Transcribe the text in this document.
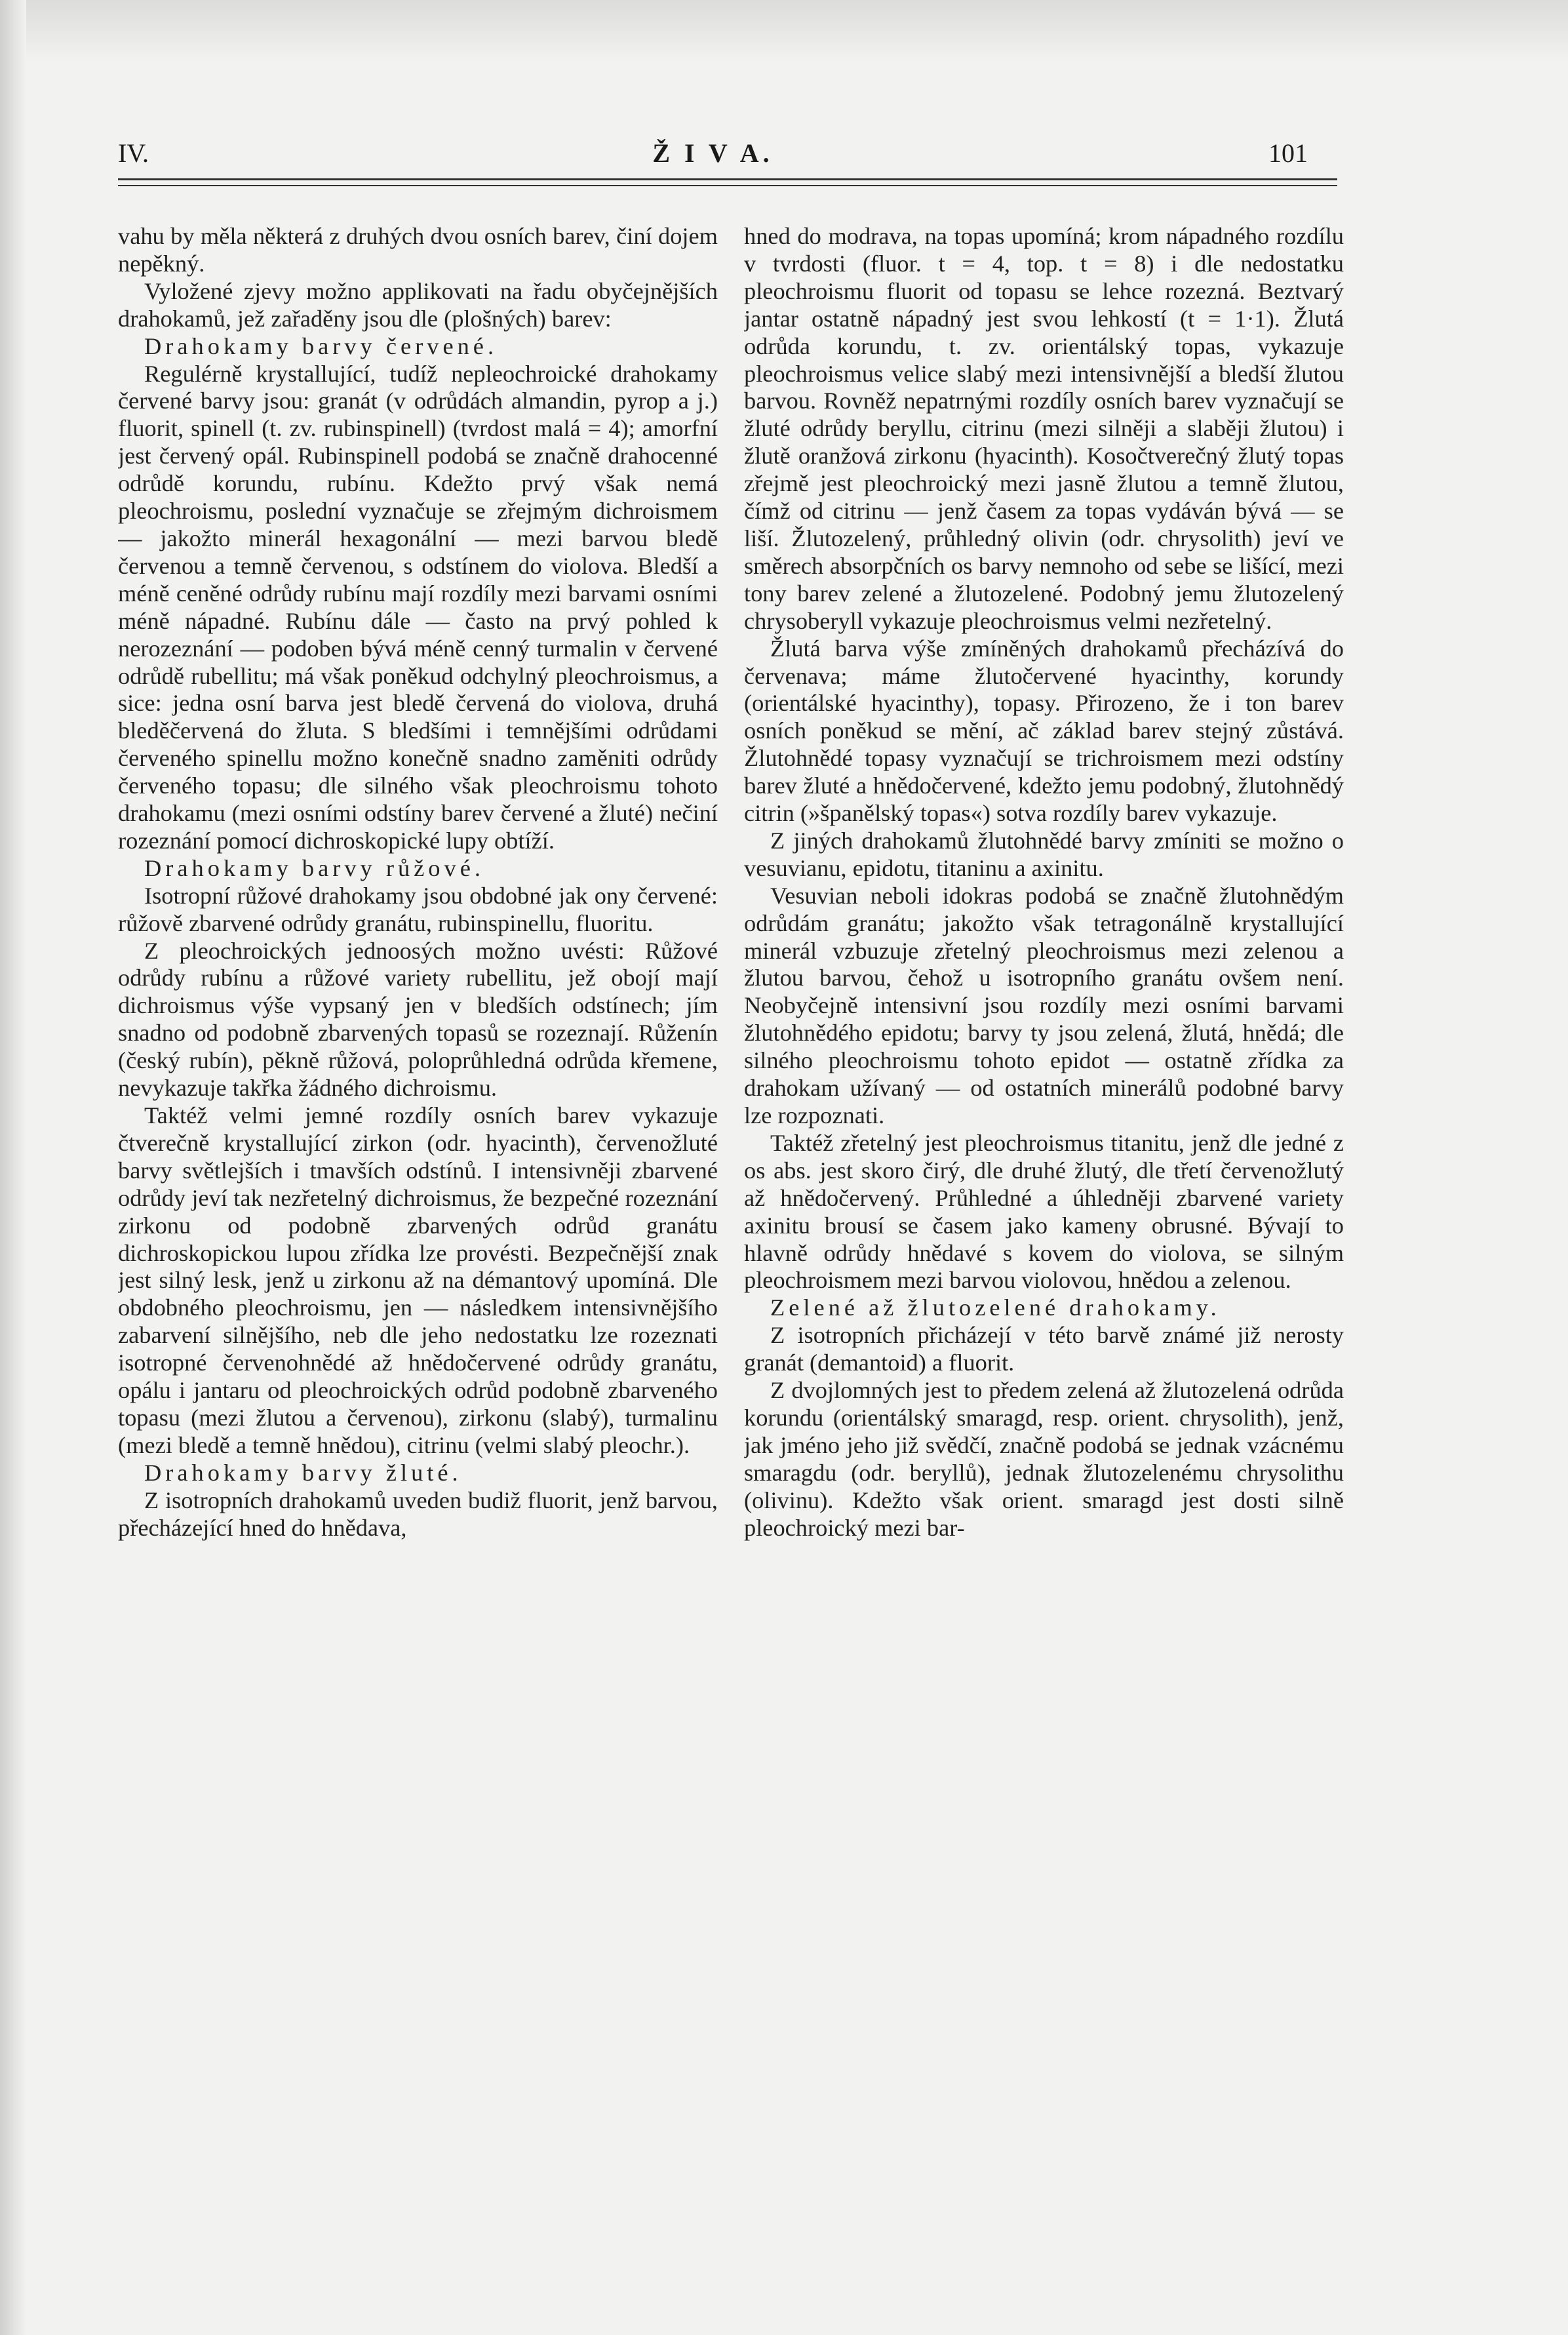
IV.	Ž I V A.	101

vahu by měla některá z druhých dvou osních barev, činí dojem nepěkný.

Vyložené zjevy možno applikovati na řadu obyčejnějších drahokamů, jež zařaděny jsou dle (plošných) barev:

Drahokamy barvy červené.

Regulérně krystallující, tudíž nepleochroické drahokamy červené barvy jsou: granát (v odrůdách almandin, pyrop a j.) fluorit, spinell (t. zv. rubinspinell) (tvrdost malá = 4); amorfní jest červený opál. Rubinspinell podobá se značně drahocenné odrůdě korundu, rubínu. Kdežto prvý však nemá pleochroismu, poslední vyznačuje se zřejmým dichroismem — jakožto minerál hexagonální — mezi barvou bledě červenou a temně červenou, s odstínem do violova. Bledší a méně ceněné odrůdy rubínu mají rozdíly mezi barvami osními méně nápadné. Rubínu dále — často na prvý pohled k nerozeznání — podoben bývá méně cenný turmalin v červené odrůdě rubellitu; má však poněkud odchylný pleochroismus, a sice: jedna osní barva jest bledě červená do violova, druhá bleděčervená do žluta. S bledšími i temnějšími odrůdami červeného spinellu možno konečně snadno zaměniti odrůdy červeného topasu; dle silného však pleochroismu tohoto drahokamu (mezi osními odstíny barev červené a žluté) nečiní rozeznání pomocí dichroskopické lupy obtíží.

Drahokamy barvy růžové.

Isotropní růžové drahokamy jsou obdobné jak ony červené: růžově zbarvené odrůdy granátu, rubinspinellu, fluoritu.

Z pleochroických jednoosých možno uvésti: Růžové odrůdy rubínu a růžové variety rubellitu, jež obojí mají dichroismus výše vypsaný jen v bledších odstínech; jím snadno od podobně zbarvených topasů se rozeznají. Růženín (český rubín), pěkně růžová, poloprůhledná odrůda křemene, nevykazuje takřka žádného dichroismu.

Taktéž velmi jemné rozdíly osních barev vykazuje čtverečně krystallující zirkon (odr. hyacinth), červenožluté barvy světlejších i tmavších odstínů. I intensivněji zbarvené odrůdy jeví tak nezřetelný dichroismus, že bezpečné rozeznání zirkonu od podobně zbarvených odrůd granátu dichroskopickou lupou zřídka lze provésti. Bezpečnější znak jest silný lesk, jenž u zirkonu až na démantový upomíná. Dle obdobného pleochroismu, jen — následkem intensivnějšího zabarvení silnějšího, neb dle jeho nedostatku lze rozeznati isotropné červenohnědé až hnědočervené odrůdy granátu, opálu i jantaru od pleochroických odrůd podobně zbarveného topasu (mezi žlutou a červenou), zirkonu (slabý), turmalinu (mezi bledě a temně hnědou), citrinu (velmi slabý pleochr.).

Drahokamy barvy žluté.

Z isotropních drahokamů uveden budiž fluorit, jenž barvou, přecházející hned do hnědava,

hned do modrava, na topas upomíná; krom nápadného rozdílu v tvrdosti (fluor. t = 4, top. t = 8) i dle nedostatku pleochroismu fluorit od topasu se lehce rozezná. Beztvarý jantar ostatně nápadný jest svou lehkostí (t = 1·1). Žlutá odrůda korundu, t. zv. orientálský topas, vykazuje pleochroismus velice slabý mezi intensivnější a bledší žlutou barvou. Rovněž nepatrnými rozdíly osních barev vyznačují se žluté odrůdy beryllu, citrinu (mezi silněji a slaběji žlutou) i žlutě oranžová zirkonu (hyacinth). Kosočtverečný žlutý topas zřejmě jest pleochroický mezi jasně žlutou a temně žlutou, čímž od citrinu — jenž časem za topas vydáván bývá — se liší. Žlutozelený, průhledný olivin (odr. chrysolith) jeví ve směrech absorpčních os barvy nemnoho od sebe se lišící, mezi tony barev zelené a žlutozelené. Podobný jemu žlutozelený chrysoberyll vykazuje pleochroismus velmi nezřetelný.

Žlutá barva výše zmíněných drahokamů přecházívá do červenava; máme žlutočervené hyacinthy, korundy (orientálské hyacinthy), topasy. Přirozeno, že i ton barev osních poněkud se mění, ač základ barev stejný zůstává. Žlutohnědé topasy vyznačují se trichroismem mezi odstíny barev žluté a hnědočervené, kdežto jemu podobný, žlutohnědý citrin (»španělský topas«) sotva rozdíly barev vykazuje.

Z jiných drahokamů žlutohnědé barvy zmíniti se možno o vesuvianu, epidotu, titaninu a axinitu.

Vesuvian neboli idokras podobá se značně žlutohnědým odrůdám granátu; jakožto však tetragonálně krystallující minerál vzbuzuje zřetelný pleochroismus mezi zelenou a žlutou barvou, čehož u isotropního granátu ovšem není. Neobyčejně intensivní jsou rozdíly mezi osními barvami žlutohnědého epidotu; barvy ty jsou zelená, žlutá, hnědá; dle silného pleochroismu tohoto epidot — ostatně zřídka za drahokam užívaný — od ostatních minerálů podobné barvy lze rozpoznati.

Taktéž zřetelný jest pleochroismus titanitu, jenž dle jedné z os abs. jest skoro čirý, dle druhé žlutý, dle třetí červenožlutý až hnědočervený. Průhledné a úhledněji zbarvené variety axinitu brousí se časem jako kameny obrusné. Bývají to hlavně odrůdy hnědavé s kovem do violova, se silným pleochroismem mezi barvou violovou, hnědou a zelenou.

Zelené až žlutozelené drahokamy.

Z isotropních přicházejí v této barvě známé již nerosty granát (demantoid) a fluorit.

Z dvojlomných jest to předem zelená až žlutozelená odrůda korundu (orientálský smaragd, resp. orient. chrysolith), jenž, jak jméno jeho již svědčí, značně podobá se jednak vzácnému smaragdu (odr. beryllů), jednak žlutozelenému chrysolithu (olivinu). Kdežto však orient. smaragd jest dosti silně pleochroický mezi bar-
